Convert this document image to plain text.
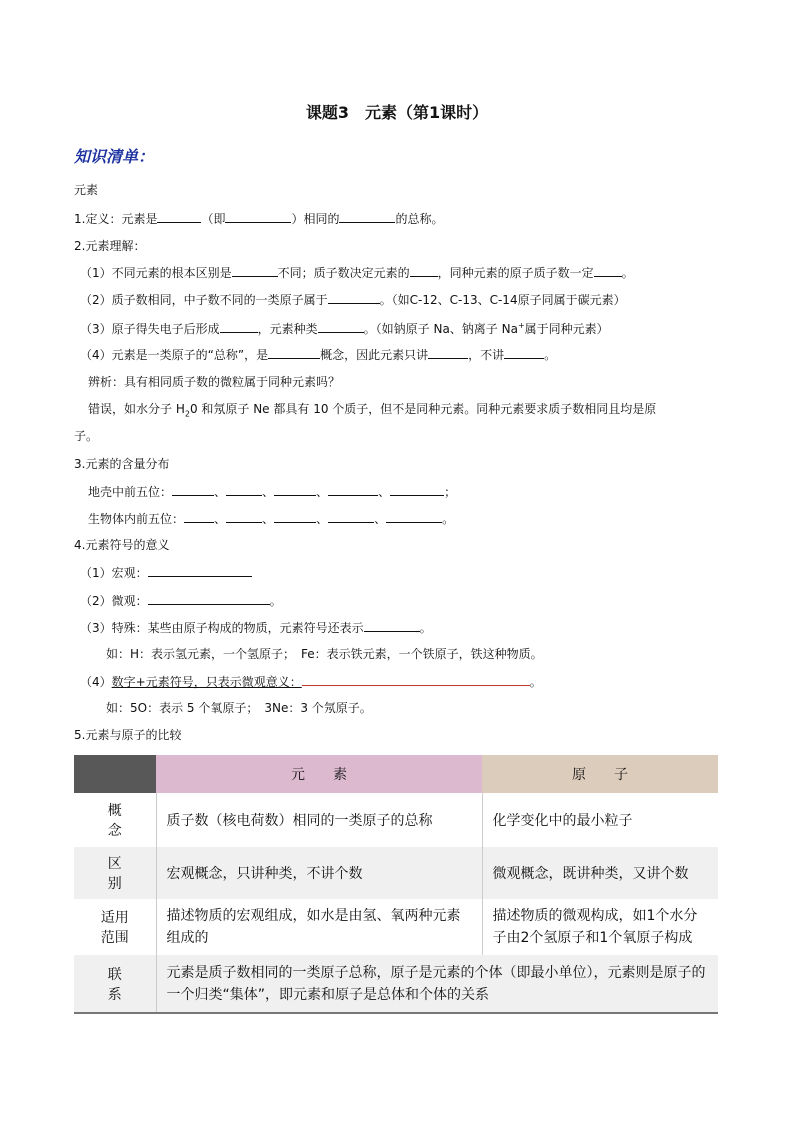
课题3　元素（第1课时）
知识清单：
元素
1.定义：元素是	（即	）相同的	的总称。
2.元素理解：
（1）不同元素的根本区别是	不同；质子数决定元素的 ，同种元素的原子质子数一定 。
（2）质子数相同，中子数不同的一类原子属于	。（如C-12、C-13、C-14原子同属于碳元素）
（3）原子得失电子后形成	，元素种类	。（如钠原子 Na、钠离子 Na+属于同种元素）
（4）元素是一类原子的“总称”，是	概念，因此元素只讲	，不讲	。
辨析：具有相同质子数的微粒属于同种元素吗？
错误，如水分子 $H_20$ 和氖原子 Ne 都具有 10 个质子，但不是同种元素。同种元素要求质子数相同且均是原
子。
3.元素的含量分布
地壳中前五位：	、	、	、	、	；
生物体内前五位：	、	、	、	、	。
4.元素符号的意义
（1）宏观：
（2）微观：	。
（3）特殊：某些由原子构成的物质，元素符号还表示	。
如：H：表示氢元素，一个氢原子；　Fe：表示铁元素，一个铁原子，铁这种物质。
（4）数字+元素符号，只表示微观意义：	。
如：5O：表示 5 个氧原子；　3Ne：3 个氖原子。
5.元素与原子的比较
	元　　素	原　　子
概
念	质子数（核电荷数）相同的一类原子的总称	化学变化中的最小粒子
区
别	宏观概念，只讲种类，不讲个数	微观概念，既讲种类，又讲个数
适用
范围	描述物质的宏观组成，如水是由氢、氧两种元素组成的	描述物质的微观构成，如1个水分子由2个氢原子和1个氧原子构成
联
系	元素是质子数相同的一类原子总称，原子是元素的个体（即最小单位），元素则是原子的一个归类“集体”，即元素和原子是总体和个体的关系	
